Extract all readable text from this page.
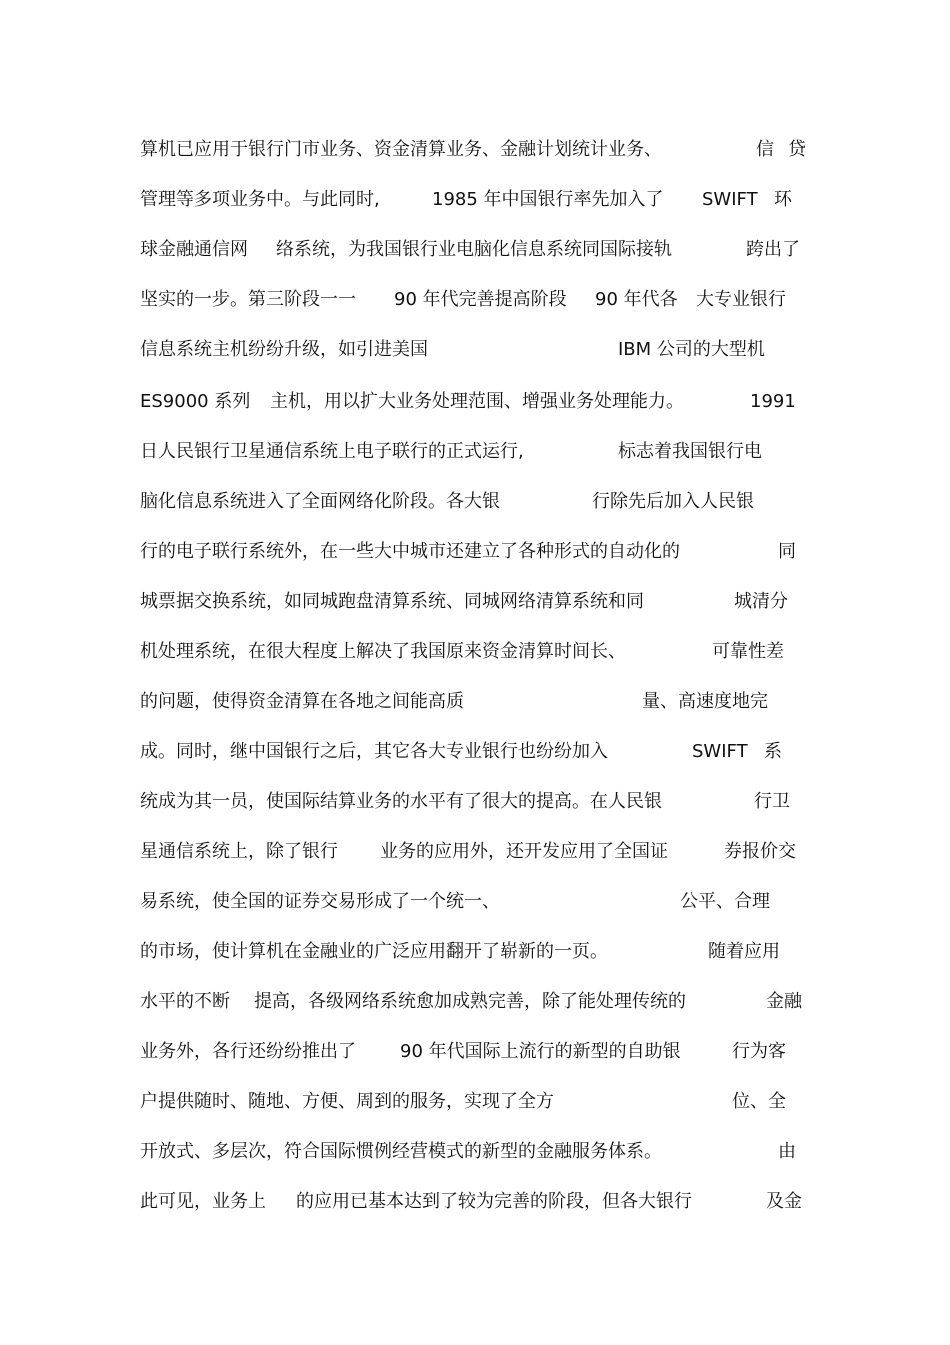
算机已应用于银行门市业务、资金清算业务、金融计划统计业务、	信 贷
管理等多项业务中。与此同时,	1985 年中国银行率先加入了 SWIFT 环
球金融通信网 络系统，为我国银行业电脑化信息系统同国际接轨	跨出了
坚实的一步。第三阶段一一 90 年代完善提高阶段 90 年代各 大专业银行
信息系统主机纷纷升级，如引进美国	IBM 公司的大型机
ES9000 系列 主机，用以扩大业务处理范围、增强业务处理能力。	1991
日人民银行卫星通信系统上电子联行的正式运行,	标志着我国银行电
脑化信息系统进入了全面网络化阶段。各大银	行除先后加入人民银
行的电子联行系统外，在一些大中城市还建立了各种形式的自动化的	同
城票据交换系统，如同城跑盘清算系统、同城网络清算系统和同	城清分
机处理系统，在很大程度上解决了我国原来资金清算时间长、	可靠性差
的问题，使得资金清算在各地之间能高质	量、高速度地完
成。同时，继中国银行之后，其它各大专业银行也纷纷加入	SWIFT 系
统成为其一员，使国际结算业务的水平有了很大的提高。在人民银	行卫
星通信系统上，除了银行 业务的应用外，还开发应用了全国证	券报价交
易系统，使全国的证券交易形成了一个统一、	公平、合理
的市场，使计算机在金融业的广泛应用翻开了崭新的一页。	随着应用
水平的不断 提高，各级网络系统愈加成熟完善，除了能处理传统的	金融
业务外，各行还纷纷推出了 90 年代国际上流行的新型的自助银	行为客
户提供随时、随地、方便、周到的服务，实现了全方	位、全
开放式、多层次，符合国际惯例经营模式的新型的金融服务体系。	由
此可见，业务上 的应用已基本达到了较为完善的阶段，但各大银行	及金
